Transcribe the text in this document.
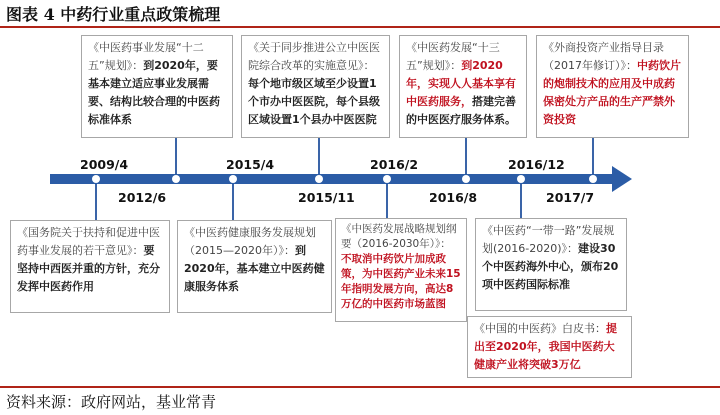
图表 4 中药行业重点政策梳理
《中医药事业发展“十二五”规划》：到2020年，要基本建立适应事业发展需要、结构比较合理的中医药标准体系
《关于同步推进公立中医医院综合改革的实施意见》：每个地市级区域至少设置1个市办中医医院，每个县级区域设置1个县办中医医院
《中医药发展“十三五”规划》：到2020年，实现人人基本享有中医药服务，搭建完善的中医医疗服务体系。
《外商投资产业指导目录（2017年修订）》：中药饮片的炮制技术的应用及中成药保密处方产品的生产严禁外资投资
2009/4
2012/6
2015/4
2015/11
2016/2
2016/8
2016/12
2017/7
《国务院关于扶持和促进中医药事业发展的若干意见》：要坚持中西医并重的方针，充分发挥中医药作用
《中医药健康服务发展规划（2015—2020年）》：到2020年，基本建立中医药健康服务体系
《中医药发展战略规划纲要（2016-2030年）》：不取消中药饮片加成政策，为中医药产业未来15年指明发展方向，高达8万亿的中医药市场蓝图
《中医药“一带一路”发展规划(2016-2020)》：建设30个中医药海外中心，颁布20项中医药国际标准
《中国的中医药》白皮书：提出至2020年，我国中医药大健康产业将突破3万亿
资料来源：政府网站，基业常青
